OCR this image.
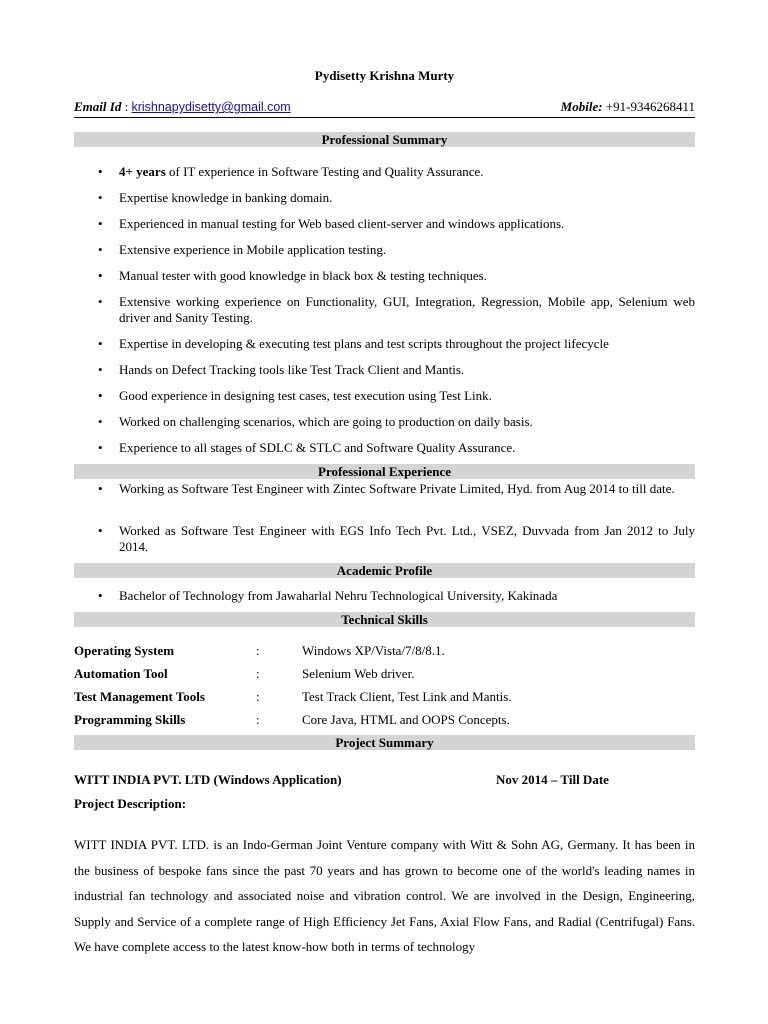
Pydisetty Krishna Murty
Email Id : krishnapydisetty@gmail.com	Mobile: +91-9346268411
Professional Summary
• 4+ years of IT experience in Software Testing and Quality Assurance.
• Expertise knowledge in banking domain.
• Experienced in manual testing for Web based client-server and windows applications.
• Extensive experience in Mobile application testing.
• Manual tester with good knowledge in black box & testing techniques.
• Extensive working experience on Functionality, GUI, Integration, Regression, Mobile app, Selenium web driver and Sanity Testing.
• Expertise in developing & executing test plans and test scripts throughout the project lifecycle
• Hands on Defect Tracking tools like Test Track Client and Mantis.
• Good experience in designing test cases, test execution using Test Link.
• Worked on challenging scenarios, which are going to production on daily basis.
• Experience to all stages of SDLC & STLC and Software Quality Assurance.
Professional Experience
• Working as Software Test Engineer with Zintec Software Private Limited, Hyd. from Aug 2014 to till date.
• Worked as Software Test Engineer with EGS Info Tech Pvt. Ltd., VSEZ, Duvvada from Jan 2012 to July 2014.
Academic Profile
• Bachelor of Technology from Jawaharlal Nehru Technological University, Kakinada
Technical Skills
Operating System	:	Windows XP/Vista/7/8/8.1.
Automation Tool	:	Selenium Web driver.
Test Management Tools	:	Test Track Client, Test Link and Mantis.
Programming Skills	:	Core Java, HTML and OOPS Concepts.
Project Summary
WITT INDIA PVT. LTD (Windows Application)	Nov 2014 – Till Date
Project Description:
WITT INDIA PVT. LTD. is an Indo-German Joint Venture company with Witt & Sohn AG, Germany. It has been in the business of bespoke fans since the past 70 years and has grown to become one of the world's leading names in industrial fan technology and associated noise and vibration control. We are involved in the Design, Engineering, Supply and Service of a complete range of High Efficiency Jet Fans, Axial Flow Fans, and Radial (Centrifugal) Fans. We have complete access to the latest know-how both in terms of technology
